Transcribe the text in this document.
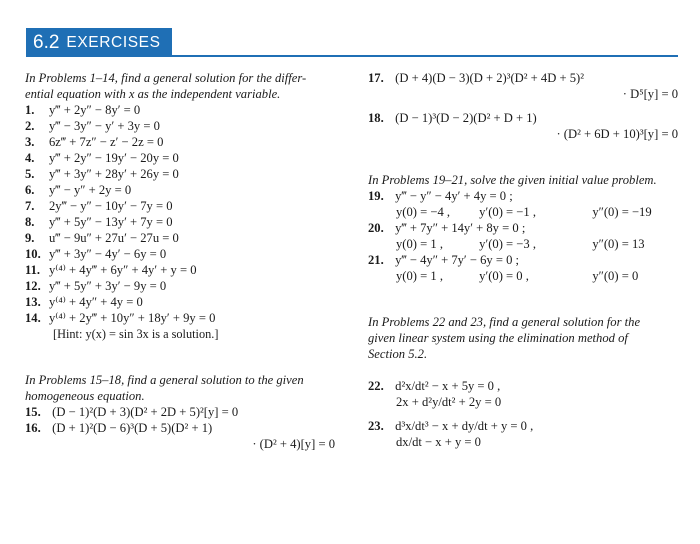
6.2 EXERCISES
In Problems 1–14, find a general solution for the differ-
ential equation with x as the independent variable.
1. y‴ + 2y″ − 8y′ = 0
2. y‴ − 3y″ − y′ + 3y = 0
3. 6z‴ + 7z″ − z′ − 2z = 0
4. y‴ + 2y″ − 19y′ − 20y = 0
5. y‴ + 3y″ + 28y′ + 26y = 0
6. y‴ − y″ + 2y = 0
7. 2y‴ − y″ − 10y′ − 7y = 0
8. y‴ + 5y″ − 13y′ + 7y = 0
9. u‴ − 9u″ + 27u′ − 27u = 0
10. y‴ + 3y″ − 4y′ − 6y = 0
11. y⁽⁴⁾ + 4y‴ + 6y″ + 4y′ + y = 0
12. y‴ + 5y″ + 3y′ − 9y = 0
13. y⁽⁴⁾ + 4y″ + 4y = 0
14. y⁽⁴⁾ + 2y‴ + 10y″ + 18y′ + 9y = 0
[Hint: y(x) = sin 3x is a solution.]
In Problems 15–18, find a general solution to the given
homogeneous equation.
15. (D − 1)²(D + 3)(D² + 2D + 5)²[y] = 0
16. (D + 1)²(D − 6)³(D + 5)(D² + 1)
· (D² + 4)[y] = 0
17. (D + 4)(D − 3)(D + 2)³(D² + 4D + 5)²
· D⁵[y] = 0
18. (D − 1)³(D − 2)(D² + D + 1)
· (D² + 6D + 10)³[y] = 0
In Problems 19–21, solve the given initial value problem.
19. y‴ − y″ − 4y′ + 4y = 0 ;
y(0) = −4 , y′(0) = −1 ,	y″(0) = −19
20. y‴ + 7y″ + 14y′ + 8y = 0 ;
y(0) = 1 ,	y′(0) = −3 ,	y″(0) = 13
21. y‴ − 4y″ + 7y′ − 6y = 0 ;
y(0) = 1 ,	y′(0) = 0 ,	y″(0) = 0
In Problems 22 and 23, find a general solution for the
given linear system using the elimination method of
Section 5.2.
22. d²x/dt² − x + 5y = 0 ,
2x + d²y/dt² + 2y = 0
23. d³x/dt³ − x + dy/dt + y = 0 ,
dx/dt − x + y = 0
